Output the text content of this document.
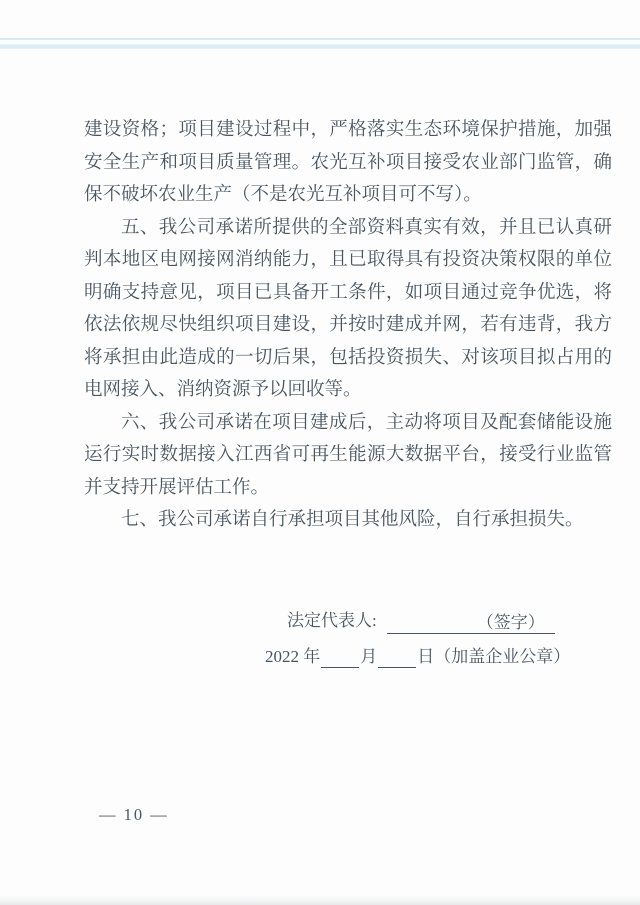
建设资格；项目建设过程中，严格落实生态环境保护措施，加强
安全生产和项目质量管理。农光互补项目接受农业部门监管，确
保不破坏农业生产（不是农光互补项目可不写）。
五、我公司承诺所提供的全部资料真实有效，并且已认真研
判本地区电网接网消纳能力，且已取得具有投资决策权限的单位
明确支持意见，项目已具备开工条件，如项目通过竞争优选，将
依法依规尽快组织项目建设，并按时建成并网，若有违背，我方
将承担由此造成的一切后果，包括投资损失、对该项目拟占用的
电网接入、消纳资源予以回收等。
六、我公司承诺在项目建成后，主动将项目及配套储能设施
运行实时数据接入江西省可再生能源大数据平台，接受行业监管
并支持开展评估工作。
七、我公司承诺自行承担项目其他风险，自行承担损失。
法定代表人:	（签字）
2022 年 月 日（加盖企业公章）
— 10 —
